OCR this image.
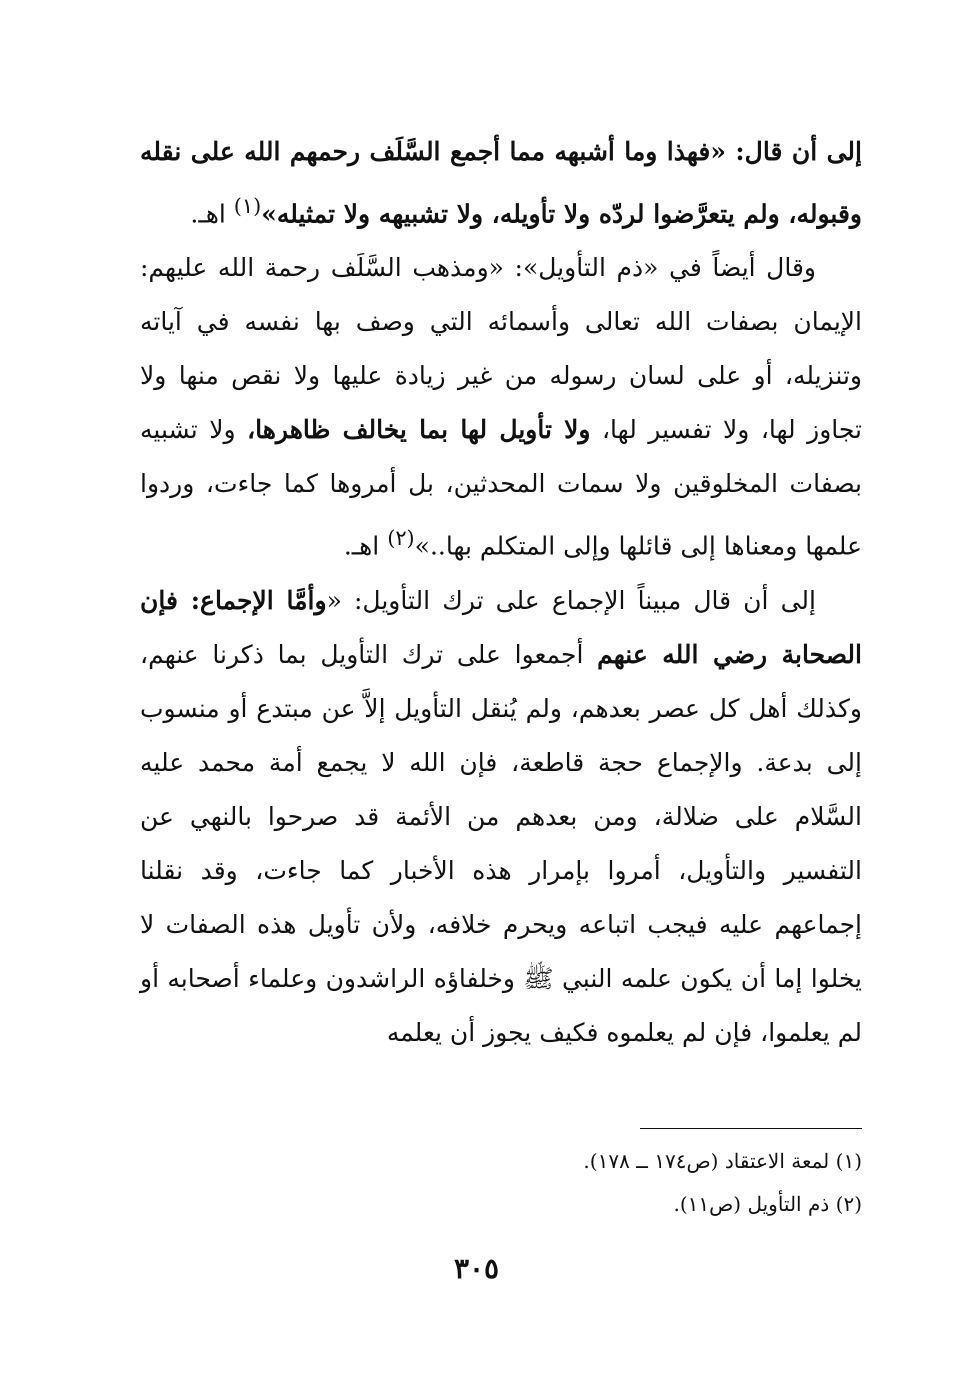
إلى أن قال: «فهذا وما أشبهه مما أجمع السَّلَف رحمهم الله على نقله وقبوله، ولم يتعرَّضوا لردّه ولا تأويله، ولا تشبيهه ولا تمثيله»$^{(١)}$ اهـ.

وقال أيضاً في «ذم التأويل»: «ومذهب السَّلَف رحمة الله عليهم: الإيمان بصفات الله تعالى وأسمائه التي وصف بها نفسه في آياته وتنزيله، أو على لسان رسوله من غير زيادة عليها ولا نقص منها ولا تجاوز لها، ولا تفسير لها، ولا تأويل لها بما يخالف ظاهرها، ولا تشبيه بصفات المخلوقين ولا سمات المحدثين، بل أمروها كما جاءت، وردوا علمها ومعناها إلى قائلها وإلى المتكلم بها..»$^{(٢)}$ اهـ.

إلى أن قال مبيناً الإجماع على ترك التأويل: «وأمَّا الإجماع: فإن الصحابة رضي الله عنهم أجمعوا على ترك التأويل بما ذكرنا عنهم، وكذلك أهل كل عصر بعدهم، ولم يُنقل التأويل إلاَّ عن مبتدع أو منسوب إلى بدعة. والإجماع حجة قاطعة، فإن الله لا يجمع أمة محمد عليه السَّلام على ضلالة، ومن بعدهم من الأئمة قد صرحوا بالنهي عن التفسير والتأويل، أمروا بإمرار هذه الأخبار كما جاءت، وقد نقلنا إجماعهم عليه فيجب اتباعه ويحرم خلافه، ولأن تأويل هذه الصفات لا يخلوا إما أن يكون علمه النبي ﷺ وخلفاؤه الراشدون وعلماء أصحابه أو لم يعلموا، فإن لم يعلموه فكيف يجوز أن يعلمه

(١) لمعة الاعتقاد (ص١٧٤ ــ ١٧٨).

(٢) ذم التأويل (ص١١).

٣٠٥
